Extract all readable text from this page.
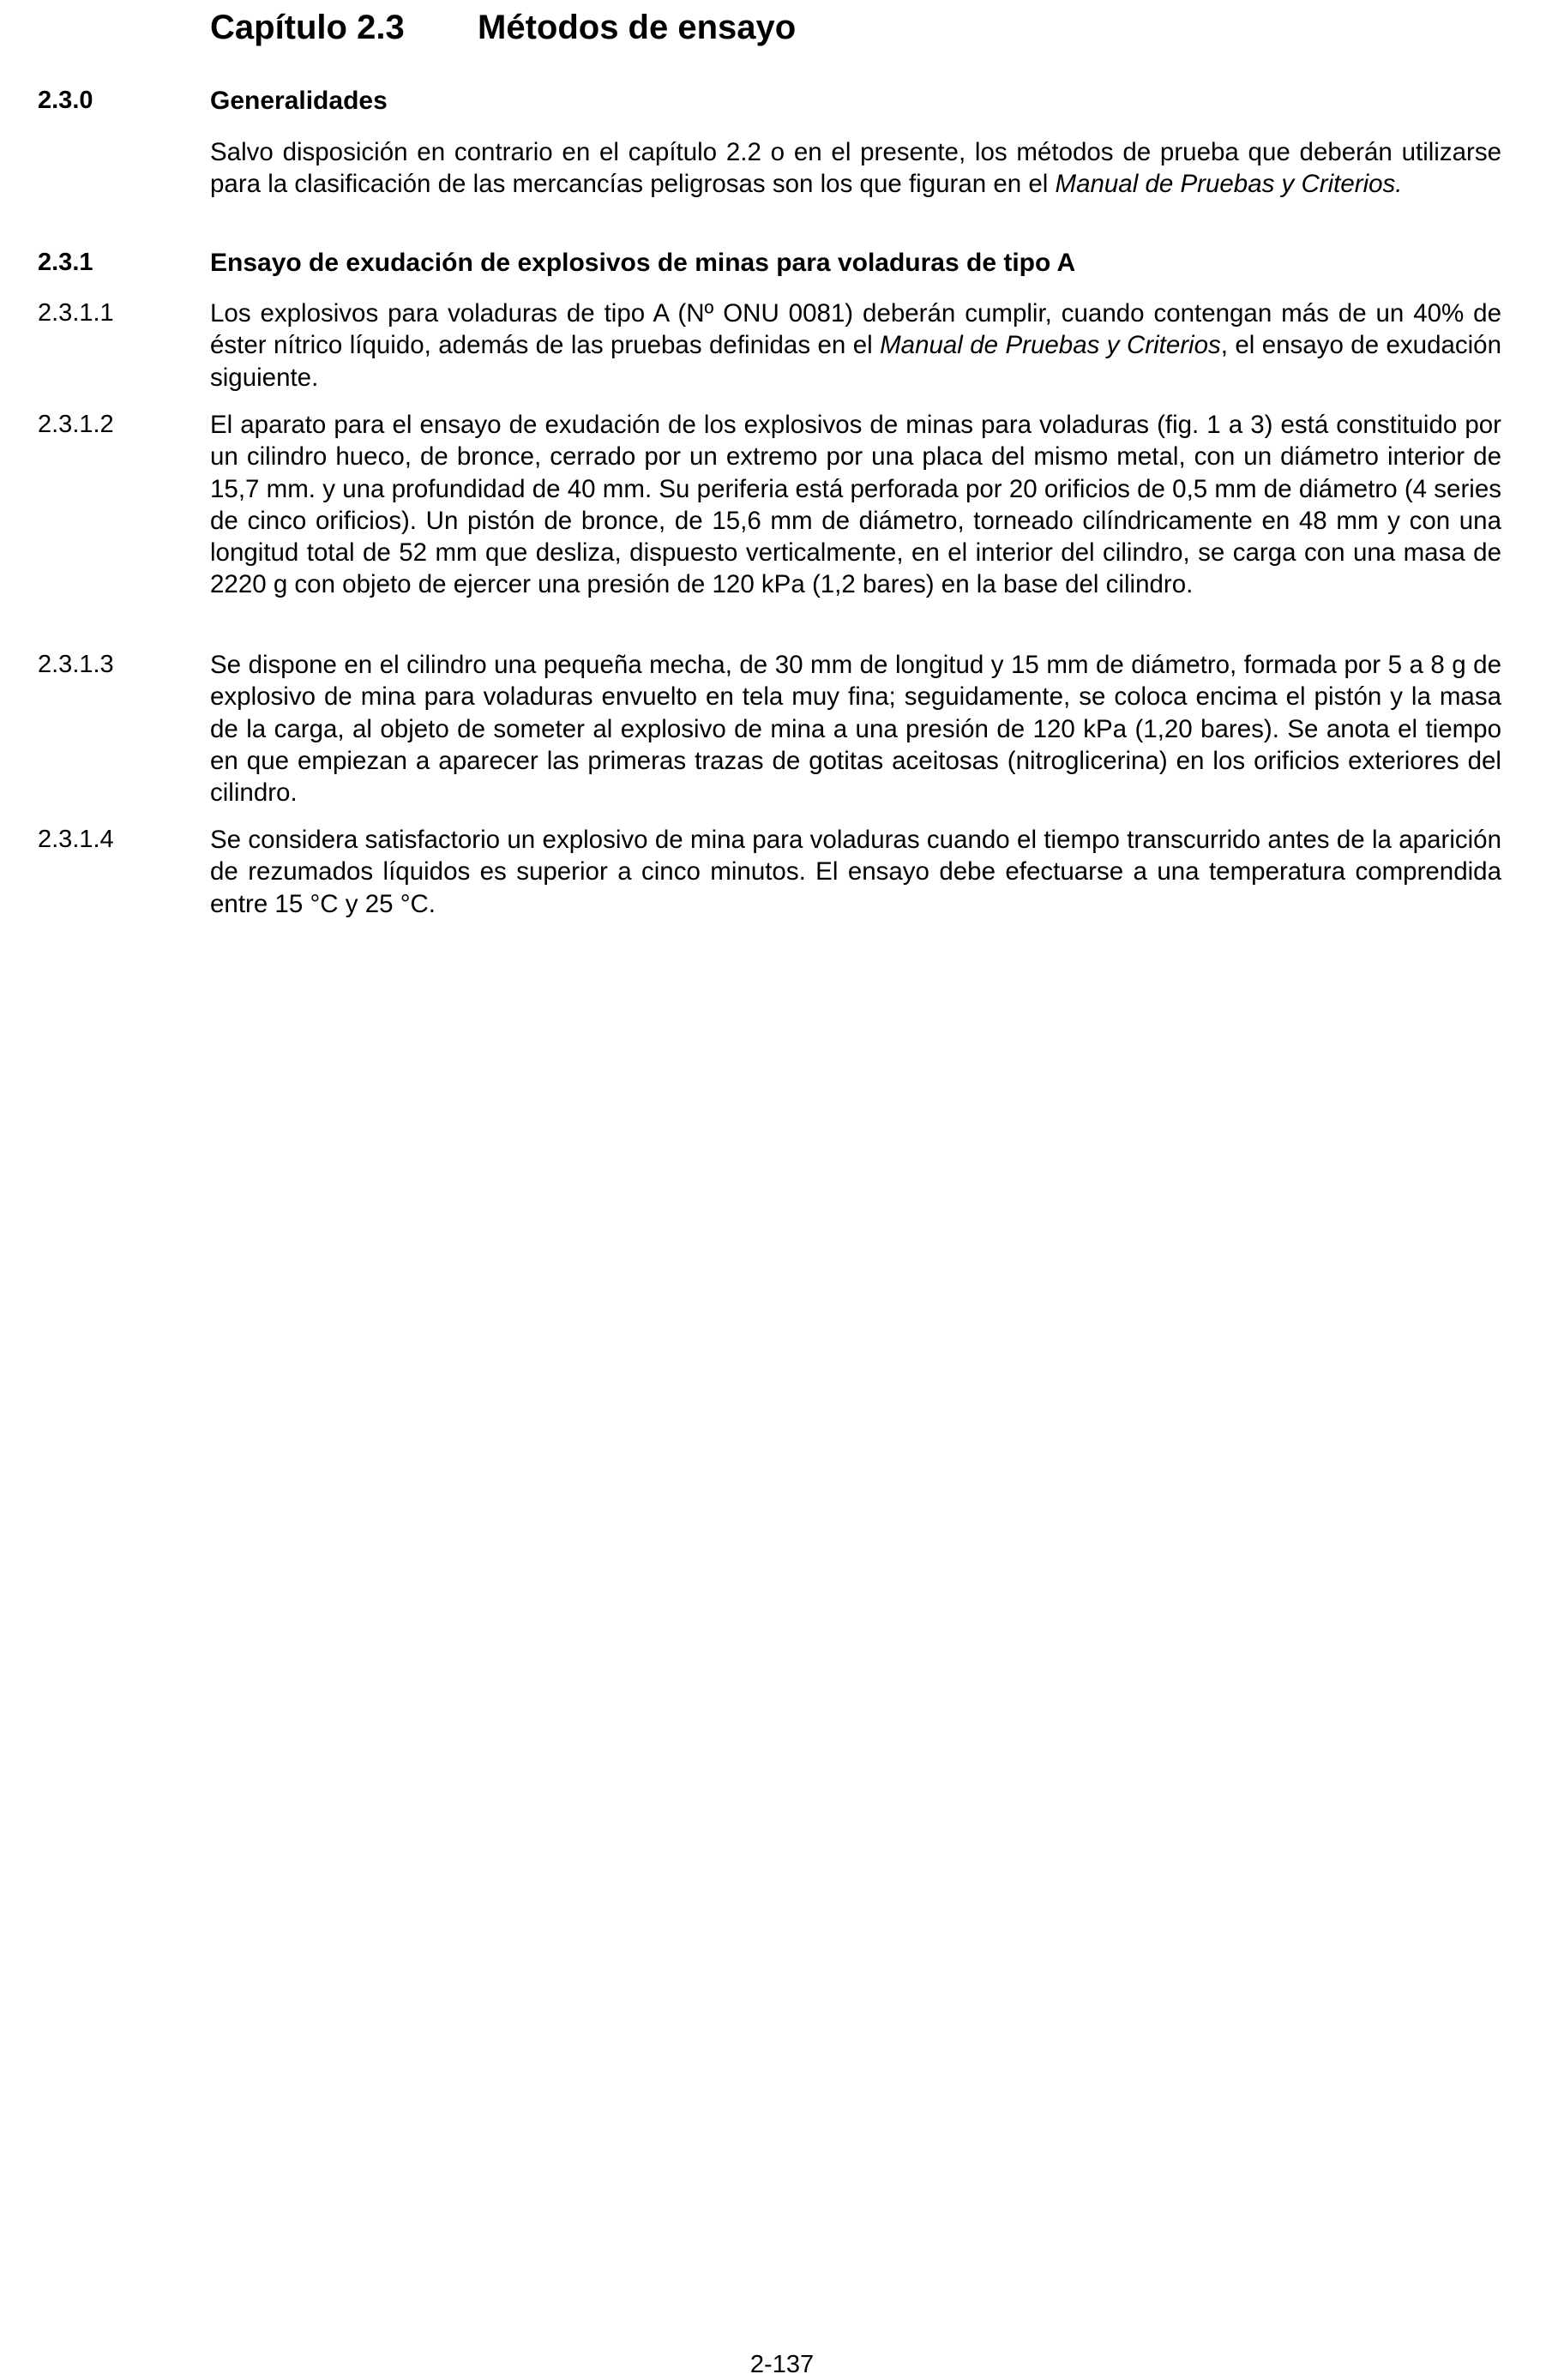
Capítulo 2.3 Métodos de ensayo
2.3.0	Generalidades
Salvo disposición en contrario en el capítulo 2.2 o en el presente, los métodos de prueba que deberán utilizarse para la clasificación de las mercancías peligrosas son los que figuran en el Manual de Pruebas y Criterios.
2.3.1	Ensayo de exudación de explosivos de minas para voladuras de tipo A
2.3.1.1	Los explosivos para voladuras de tipo A (Nº ONU 0081) deberán cumplir, cuando contengan más de un 40% de éster nítrico líquido, además de las pruebas definidas en el Manual de Pruebas y Criterios, el ensayo de exudación siguiente.
2.3.1.2	El aparato para el ensayo de exudación de los explosivos de minas para voladuras (fig. 1 a 3) está constituido por un cilindro hueco, de bronce, cerrado por un extremo por una placa del mismo metal, con un diámetro interior de 15,7 mm. y una profundidad de 40 mm. Su periferia está perforada por 20 orificios de 0,5 mm de diámetro (4 series de cinco orificios). Un pistón de bronce, de 15,6 mm de diámetro, torneado cilíndricamente en 48 mm y con una longitud total de 52 mm que desliza, dispuesto verticalmente, en el interior del cilindro, se carga con una masa de 2220 g con objeto de ejercer una presión de 120 kPa (1,2 bares) en la base del cilindro.
2.3.1.3	Se dispone en el cilindro una pequeña mecha, de 30 mm de longitud y 15 mm de diámetro, formada por 5 a 8 g de explosivo de mina para voladuras envuelto en tela muy fina; seguidamente, se coloca encima el pistón y la masa de la carga, al objeto de someter al explosivo de mina a una presión de 120 kPa (1,20 bares). Se anota el tiempo en que empiezan a aparecer las primeras trazas de gotitas aceitosas (nitroglicerina) en los orificios exteriores del cilindro.
2.3.1.4	Se considera satisfactorio un explosivo de mina para voladuras cuando el tiempo transcurrido antes de la aparición de rezumados líquidos es superior a cinco minutos. El ensayo debe efectuarse a una temperatura comprendida entre 15 °C y 25 °C.
2-137
